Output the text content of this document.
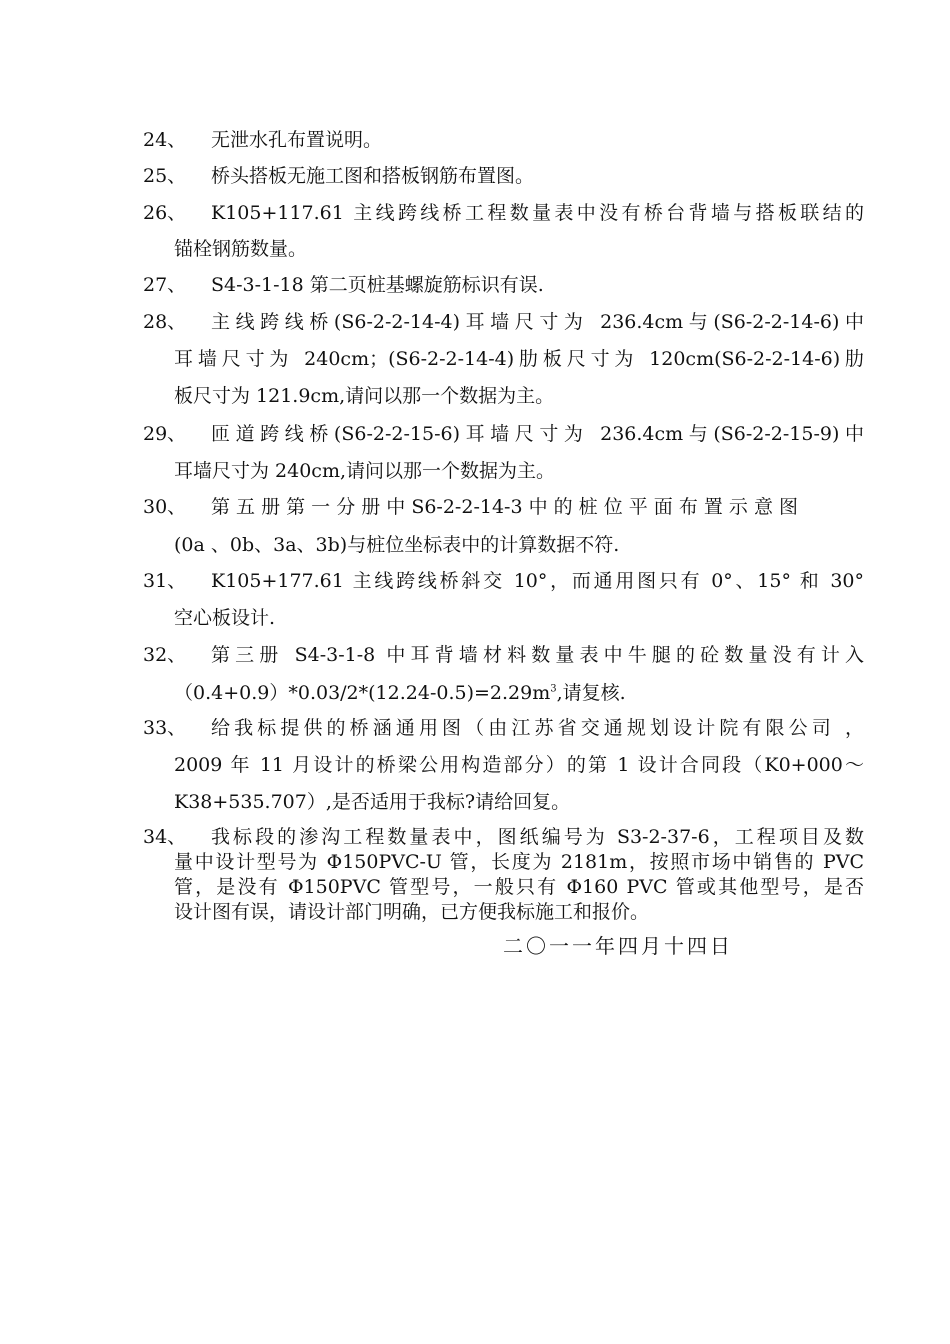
24、 无泄水孔布置说明。
25、 桥头搭板无施工图和搭板钢筋布置图。
26、 K105+117.61 主线跨线桥工程数量表中没有桥台背墙与搭板联结的
锚栓钢筋数量。
27、 S4-3-1-18 第二页桩基螺旋筋标识有误.
28、 主线跨线桥(S6-2-2-14-4)耳墙尺寸为 236.4cm与(S6-2-2-14-6)中
耳墙尺寸为 240cm；(S6-2-2-14-4)肋板尺寸为 120cm(S6-2-2-14-6)肋
板尺寸为 121.9cm,请问以那一个数据为主。
29、 匝道跨线桥(S6-2-2-15-6)耳墙尺寸为 236.4cm与(S6-2-2-15-9)中
耳墙尺寸为 240cm,请问以那一个数据为主。
30、 第 五 册 第 一 分 册 中 S6-2-2-14-3 中 的 桩 位 平 面 布 置 示 意 图
(0a 、0b、3a、3b)与桩位坐标表中的计算数据不符.
31、 K105+177.61 主线跨线桥斜交 10°，而通用图只有 0°、15° 和 30°
空心板设计.
32、 第三册 S4-3-1-8 中耳背墙材料数量表中牛腿的砼数量没有计入
$(0.4+0.9)*0.03/2*(12.24-0.5)=2.29m^3$,请复核.
33、 给我标提供的桥涵通用图（由江苏省交通规划设计院有限公司 ，
2009 年 11 月设计的桥梁公用构造部分）的第 1 设计合同段（K0+000～
K38+535.707）,是否适用于我标?请给回复。
34、 我标段的渗沟工程数量表中，图纸编号为 S3-2-37-6，工程项目及数
量中设计型号为 Φ150PVC-U 管，长度为 2181m，按照市场中销售的 PVC
管，是没有 Φ150PVC 管型号，一般只有 Φ160 PVC 管或其他型号，是否
设计图有误，请设计部门明确，已方便我标施工和报价。
二〇一一年四月十四日
